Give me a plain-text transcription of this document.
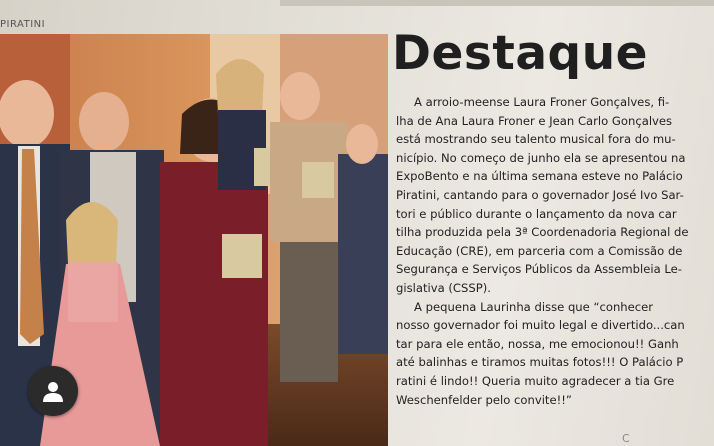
PIRATINI
Destaque
A arroio-meense Laura Froner Gonçalves, fi-
lha de Ana Laura Froner e Jean Carlo Gonçalves
está mostrando seu talento musical fora do mu-
nicípio. No começo de junho ela se apresentou na
ExpoBento e na última semana esteve no Palácio
Piratini, cantando para o governador José Ivo Sar-
tori e público durante o lançamento da nova car
tilha produzida pela 3ª Coordenadoria Regional de
Educação (CRE), em parceria com a Comissão de
Segurança e Serviços Públicos da Assembleia Le-
gislativa (CSSP).
A pequena Laurinha disse que “conhecer
nosso governador foi muito legal e divertido...can
tar para ele então, nossa, me emocionou!! Ganh
até balinhas e tiramos muitas fotos!!! O Palácio P
ratini é lindo!! Queria muito agradecer a tia Gre
Weschenfelder pelo convite!!”
C
